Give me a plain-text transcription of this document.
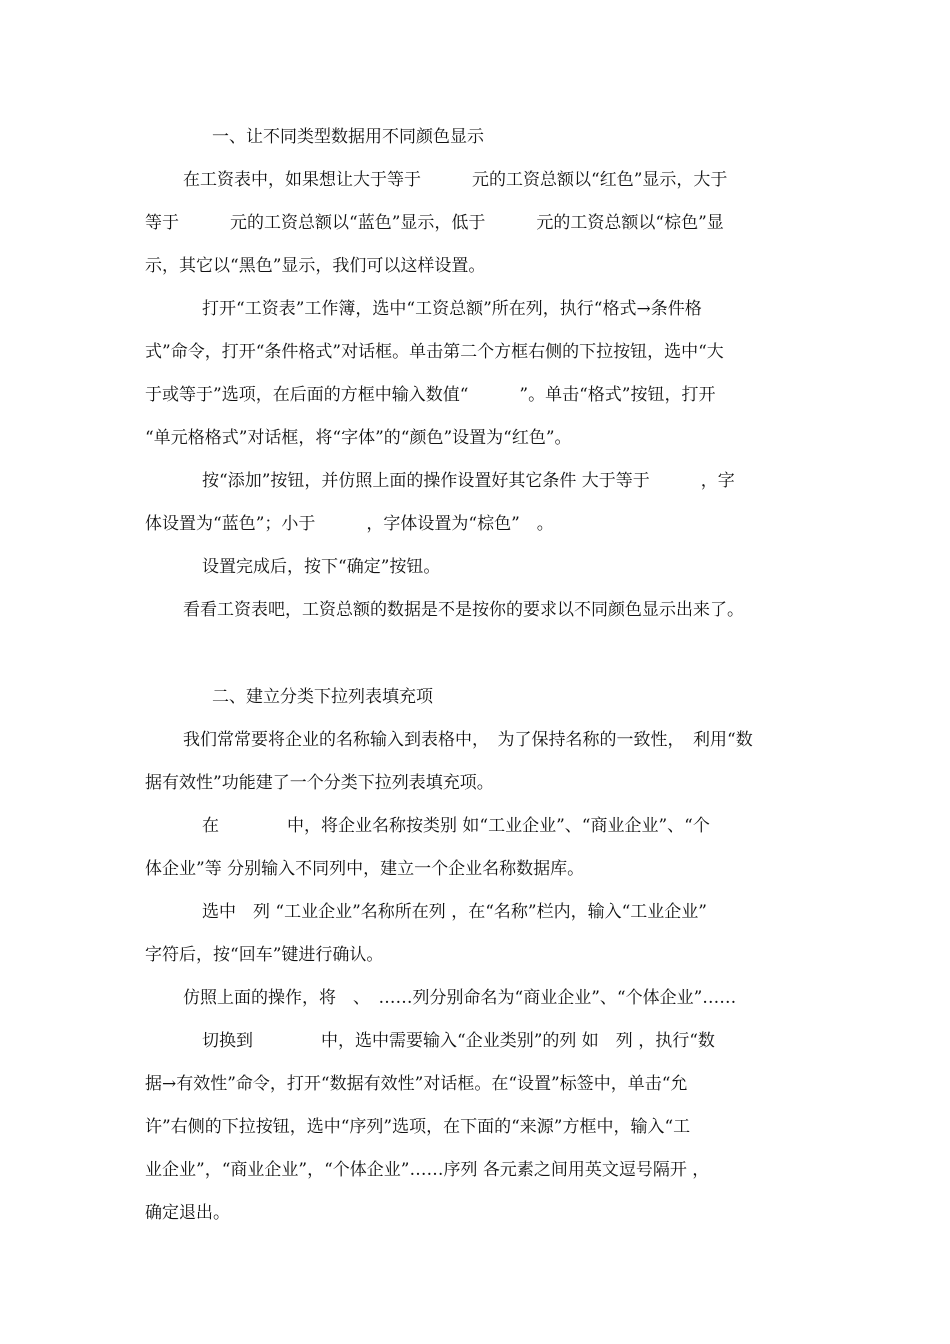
一、让不同类型数据用不同颜色显示

在工资表中，如果想让大于等于　　　元的工资总额以“红色”显示，大于

等于　　　元的工资总额以“蓝色”显示，低于　　　元的工资总额以“棕色”显

示，其它以“黑色”显示，我们可以这样设置。

打开“工资表”工作簿，选中“工资总额”所在列，执行“格式→条件格

式”命令，打开“条件格式”对话框。单击第二个方框右侧的下拉按钮，选中“大

于或等于”选项，在后面的方框中输入数值“　　　”。单击“格式”按钮，打开

“单元格格式”对话框，将“字体”的“颜色”设置为“红色”。

按“添加”按钮，并仿照上面的操作设置好其它条件 大于等于　　　，字

体设置为“蓝色”；小于　　　，字体设置为“棕色”　。

设置完成后，按下“确定”按钮。

看看工资表吧，工资总额的数据是不是按你的要求以不同颜色显示出来了。

二、建立分类下拉列表填充项

我们常常要将企业的名称输入到表格中，　为了保持名称的一致性，　利用“数

据有效性”功能建了一个分类下拉列表填充项。

在　　　　中，将企业名称按类别 如“工业企业”、“商业企业”、“个

体企业”等 分别输入不同列中，建立一个企业名称数据库。

选中　列 “工业企业”名称所在列 ，在“名称”栏内，输入“工业企业”

字符后，按“回车”键进行确认。

仿照上面的操作，将　、　……列分别命名为“商业企业”、“个体企业”……

切换到　　　　中，选中需要输入“企业类别”的列 如　列 ，执行“数

据→有效性”命令，打开“数据有效性”对话框。在“设置”标签中，单击“允

许”右侧的下拉按钮，选中“序列”选项，在下面的“来源”方框中，输入“工

业企业”，“商业企业”，“个体企业”……序列 各元素之间用英文逗号隔开 ，

确定退出。
